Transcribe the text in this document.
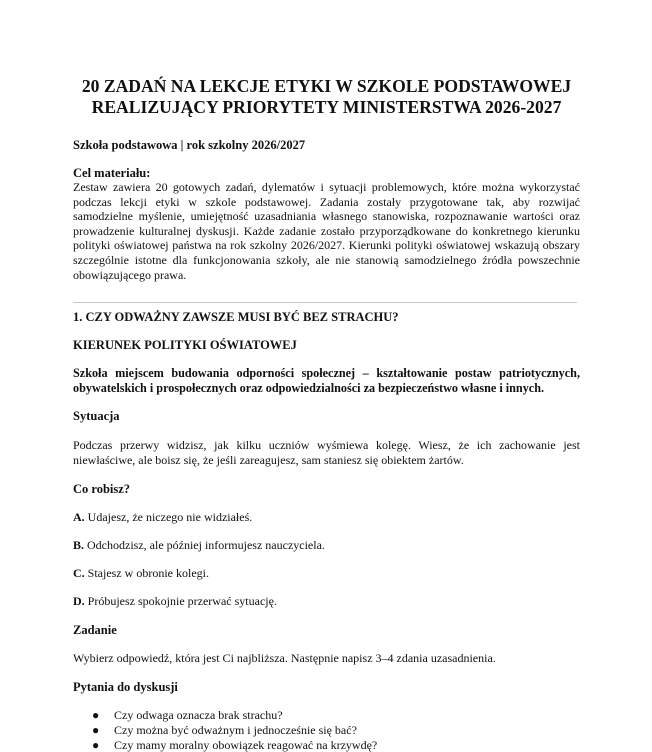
20 ZADAŃ NA LEKCJE ETYKI W SZKOLE PODSTAWOWEJ
REALIZUJĄCY PRIORYTETY MINISTERSTWA 2026-2027
Szkoła podstawowa | rok szkolny 2026/2027
Cel materiału:
Zestaw zawiera 20 gotowych zadań, dylematów i sytuacji problemowych, które można wykorzystać podczas lekcji etyki w szkole podstawowej. Zadania zostały przygotowane tak, aby rozwijać samodzielne myślenie, umiejętność uzasadniania własnego stanowiska, rozpoznawanie wartości oraz prowadzenie kulturalnej dyskusji. Każde zadanie zostało przyporządkowane do konkretnego kierunku polityki oświatowej państwa na rok szkolny 2026/2027. Kierunki polityki oświatowej wskazują obszary szczególnie istotne dla funkcjonowania szkoły, ale nie stanowią samodzielnego źródła powszechnie obowiązującego prawa.
1. CZY ODWAŻNY ZAWSZE MUSI BYĆ BEZ STRACHU?
KIERUNEK POLITYKI OŚWIATOWEJ
Szkoła miejscem budowania odporności społecznej – kształtowanie postaw patriotycznych, obywatelskich i prospołecznych oraz odpowiedzialności za bezpieczeństwo własne i innych.
Sytuacja
Podczas przerwy widzisz, jak kilku uczniów wyśmiewa kolegę. Wiesz, że ich zachowanie jest niewłaściwe, ale boisz się, że jeśli zareagujesz, sam staniesz się obiektem żartów.
Co robisz?
A. Udajesz, że niczego nie widziałeś.
B. Odchodzisz, ale później informujesz nauczyciela.
C. Stajesz w obronie kolegi.
D. Próbujesz spokojnie przerwać sytuację.
Zadanie
Wybierz odpowiedź, która jest Ci najbliższa. Następnie napisz 3–4 zdania uzasadnienia.
Pytania do dyskusji
● Czy odwaga oznacza brak strachu?
● Czy można być odważnym i jednocześnie się bać?
● Czy mamy moralny obowiązek reagować na krzywdę?
